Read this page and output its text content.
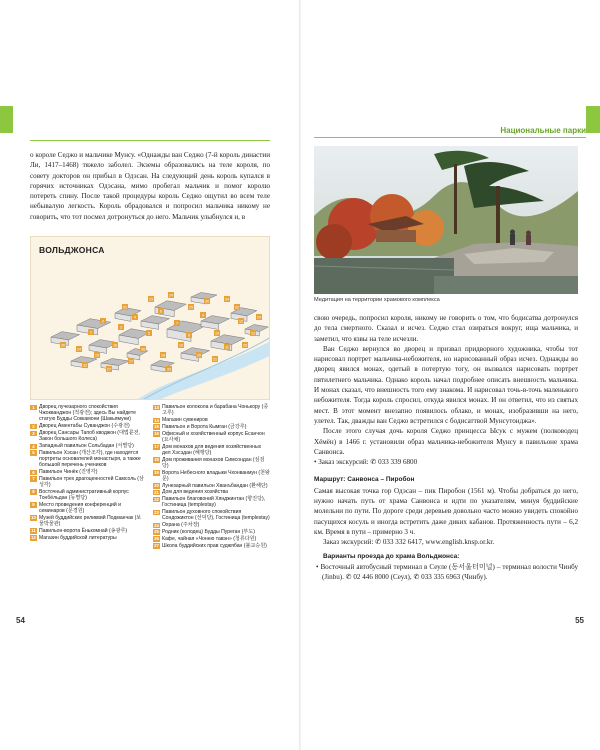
о короле Седжо и мальчике Мунсу. «Однажды ван Седжо (7-й король династии Ли, 1417–1468) тяжело заболел. Экземы образовались на теле короля, по совету докторов он прибыл в Одэсан. На следующий день король купался в горячих источниках Одэсана, мимо пробегал мальчик и помог королю потереть спину. После такой процедуры король Седжо ощутил во всем теле небывалую легкость. Король обрадовался и попросил мальчика никому не говорить, что тот посмел дотронуться до него. Мальчик улыбнулся и, в

ВОЛЬДЖОНСА
1
2
3
4
5
6
7
8
9
10
11
12
13
14
15
16
17
18
19
20
21
22
23
24
25
26
27
28
29
30
31
32
33
34
35
1 Дворец лучезарного спокойствия Чжокванджон (적광전); здесь Вы найдете статую Будды Соккамони (Шакьямуни)
2 Дворец Аментабы Суванджон (수광전)
3 Дворец Сансары Тапоб кводжон (대법륜전, Закон большого Колеса)
4 Западный павильон Сольбадан (서별당)
5 Павильон Хэсан (개산조각), где находятся портреты основателей монастыря, а также большой перечень учеников
6 Павильон Чинёк (진영각)
7 Павильон трех драгоценностей Самсоль (삼성각)
8 Восточный административный корпус Тонбёльдан (동별당)
9 Место проведения конференций и семинаров (문경원)
10 Музей буддийских реликвий Подманчак (보물박물관)
11 Павильон-ворота Ёнькомнай (송광루)
12 Магазин буддийской литературы
13 Павильон колокола и барабана Чонькору (종고루)
14 Магазин сувениров
15 Павильон и Ворота Кымган (금강루)
16 Офисный и хозяйственный корпус Есанчон (요사채)
17 Дом монахов для ведения хозяйственных дел Хэсэдан (해행당)
18 Дом проживания монахов Симсондан (심검당)
19 Ворота Небесного владыки Чхонванмун (천왕문)
20 Лунезарный павильон Хванъбандан (환해단)
21 Дом для ведения хозяйства
22 Павильон благовоний Хянджинтан (향진당), Гостиница (templestay)
23 Павильон духовного спокойствия Сондожиктон (선덕당), Гостиница (templestay)
24 Охрана (주차장)
25 Родник (колодец) Будды Пуреган (부도)
26 Кафе, чайная «Чонню тавэн» (청류다원)
27 Школа буддийских прав суджябан (불교승원)
54
Национальные парки
Медитация на территории храмового комплекса

свою очередь, попросил короля, никому не говорить о том, что бодисатва дотронулся до тела смертного. Сказал и исчез. Седжо стал озираться вокруг, ища мальчика, и заметил, что язвы на теле исчезли.

Ван Седжо вернулся во дворец и призвал придворного художника, чтобы тот нарисовал портрет мальчика-небожителя, но нарисованный образ исчез. Однажды во дворец явился монах, одетый в потертую тогу, он вызвался нарисовать портрет пятилетнего мальчика. Однако король начал подробнее описать внешность мальчика. И монах сказал, что внешность того ему знакома. И нарисовал точь-в-точь маленького небожителя. Тогда король спросил, откуда явился монах. И он ответил, что из святых мест. В этот момент внезапно появилось облако, и монах, изобразивши на него, улетел. Так, дважды ван Седжо встретился с бодисаттвой Мунсутонджа».

После этого случая дочь короля Седжо принцесса Ысук с мужем (полководец Хёмён) в 1466 г. установили образ мальчика-небожителя Мунсу в павильоне храма Санвонса.

• Заказ экскурсий: ✆ 033 339 6800

Маршрут: Санвонса – Пиробон

Самая высокая точка гор Одэсан – пик Пиробон (1561 м). Чтобы добраться до него, нужно начать путь от храма Санвонса и идти по указателям, минуя буддийские молельни по пути. По дороге среди деревьев довольно часто можно увидеть спокойно пасущихся косуль и иногда встретить даже диких кабанов. Протяженность пути – 6,2 км. Время в пути – примерно 3 ч.

Заказ экскурсий: ✆ 033 332 6417, www.english.knsp.or.kr.

Варианты проезда до храма Вольджонса:

• Восточный автобусный терминал в Сеуле (동서울터미널) – терминал волости Чинбу (Jinbu). ✆ 02 446 8000 (Сеул), ✆ 033 335 6963 (Чинбу).

55
